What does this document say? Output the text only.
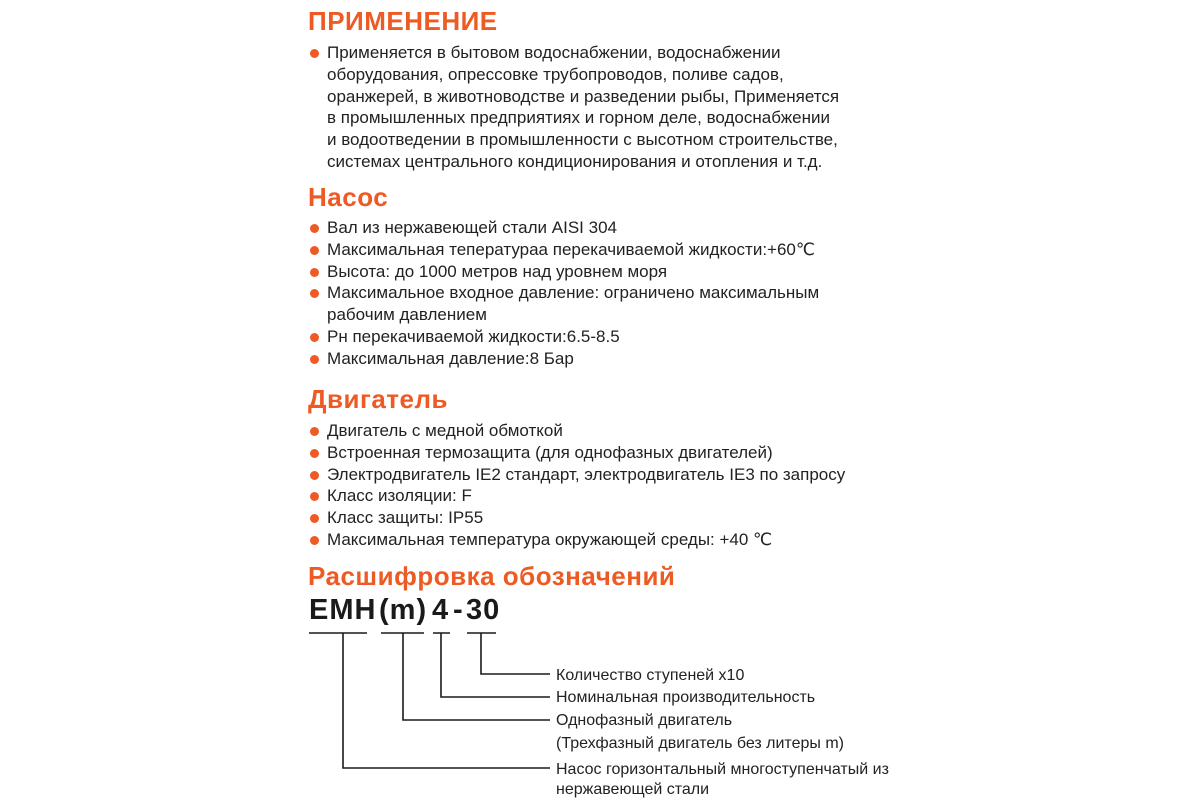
ПРИМЕНЕНИЕ
Применяется в бытовом водоснабжении, водоснабжении
оборудования, опрессовке трубопроводов, поливе садов,
оранжерей, в животноводстве и разведении рыбы, Применяется
в промышленных предприятиях и горном деле, водоснабжении
и водоотведении в промышленности с высотном строительстве,
системах центрального кондиционирования и отопления и т.д.
Насос
Вал из нержавеющей стали AISI 304
Максимальная теператураа перекачиваемой жидкости:+60℃
Высота: до 1000 метров над уровнем моря
Максимальное входное давление: ограничено максимальным
рабочим давлением
Рн перекачиваемой жидкости:6.5-8.5
Максимальная давление:8 Бар
Двигатель
Двигатель с медной обмоткой
Встроенная термозащита (для однофазных двигателей)
Электродвигатель IE2 стандарт, электродвигатель IE3 по запросу
Класс изоляции: F
Класс защиты: IP55
Максимальная температура окружающей среды: +40 ℃
Расшифровка обозначений
EMH (m) 4 - 30
Количество ступеней x10
Номинальная производительность
Однофазный двигатель
(Трехфазный двигатель без литеры m)
Насос горизонтальный многоступенчатый из
нержавеющей стали
